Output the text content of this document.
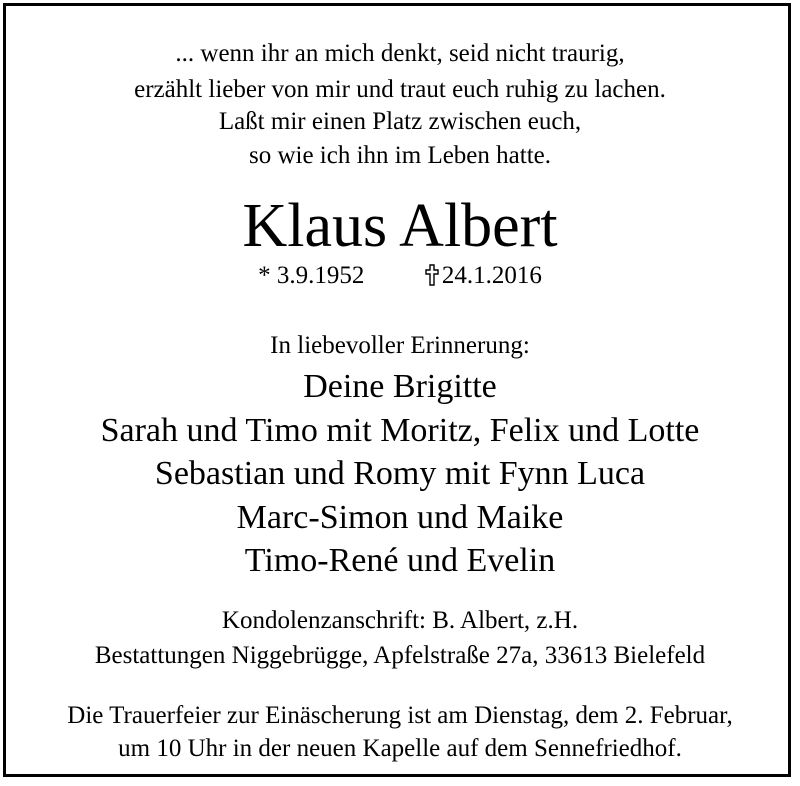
... wenn ihr an mich denkt, seid nicht traurig,
erzählt lieber von mir und traut euch ruhig zu lachen.
Laßt mir einen Platz zwischen euch,
so wie ich ihn im Leben hatte.
Klaus Albert
* 3.9.1952	24.1.2016
In liebevoller Erinnerung:
Deine Brigitte
Sarah und Timo mit Moritz, Felix und Lotte
Sebastian und Romy mit Fynn Luca
Marc-Simon und Maike
Timo-René und Evelin
Kondolenzanschrift: B. Albert, z.H.
Bestattungen Niggebrügge, Apfelstraße 27a, 33613 Bielefeld
Die Trauerfeier zur Einäscherung ist am Dienstag, dem 2. Februar,
um 10 Uhr in der neuen Kapelle auf dem Sennefriedhof.
